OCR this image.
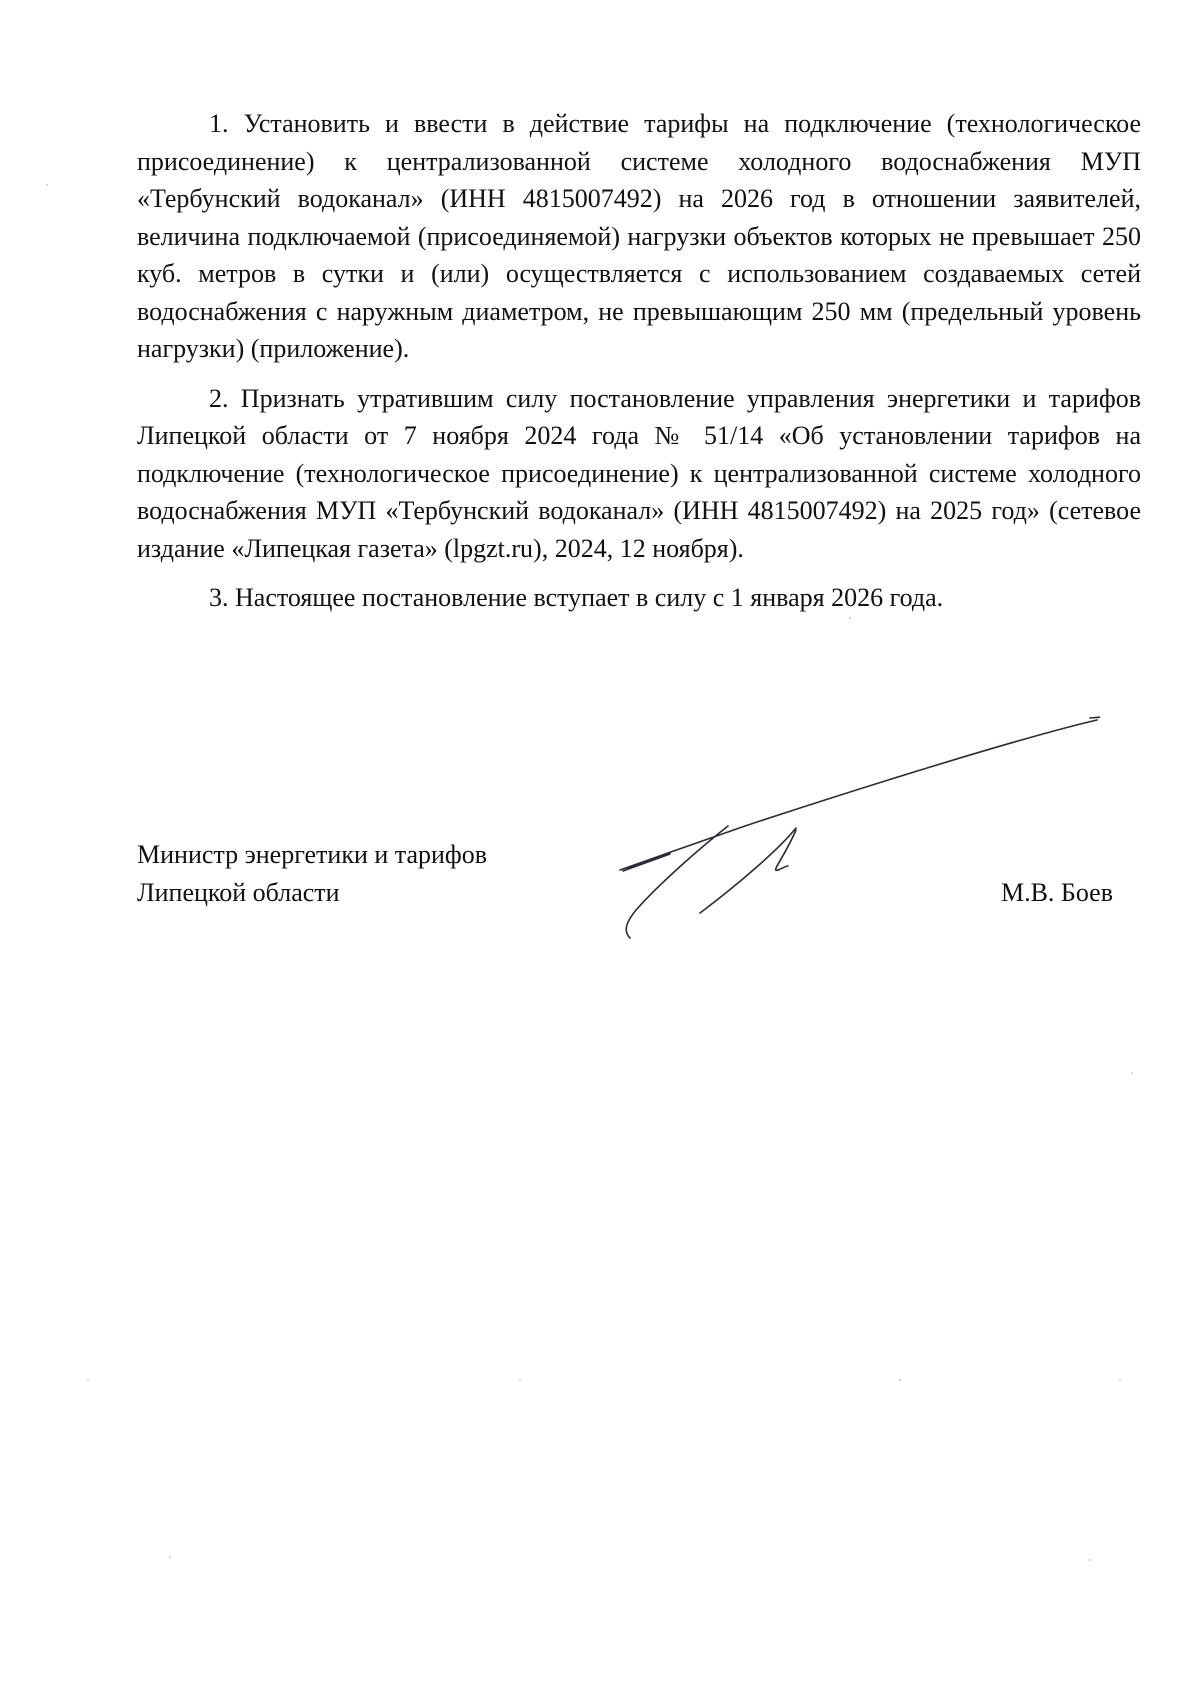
1. Установить и ввести в действие тарифы на подключение (технологическое присоединение) к централизованной системе холодного водоснабжения МУП «Тербунский водоканал» (ИНН 4815007492) на 2026 год в отношении заявителей, величина подключаемой (присоединяемой) нагрузки объектов которых не превышает 250 куб. метров в сутки и (или) осуществляется с использованием создаваемых сетей водоснабжения с наружным диаметром, не превышающим 250 мм (предельный уровень нагрузки) (приложение).

2. Признать утратившим силу постановление управления энергетики и тарифов Липецкой области от 7 ноября 2024 года № 51/14 «Об установлении тарифов на подключение (технологическое присоединение) к централизованной системе холодного водоснабжения МУП «Тербунский водоканал» (ИНН 4815007492) на 2025 год» (сетевое издание «Липецкая газета» (lpgzt.ru), 2024, 12 ноября).

3. Настоящее постановление вступает в силу с 1 января 2026 года.

Министр энергетики и тарифов
Липецкой области	М.В. Боев
